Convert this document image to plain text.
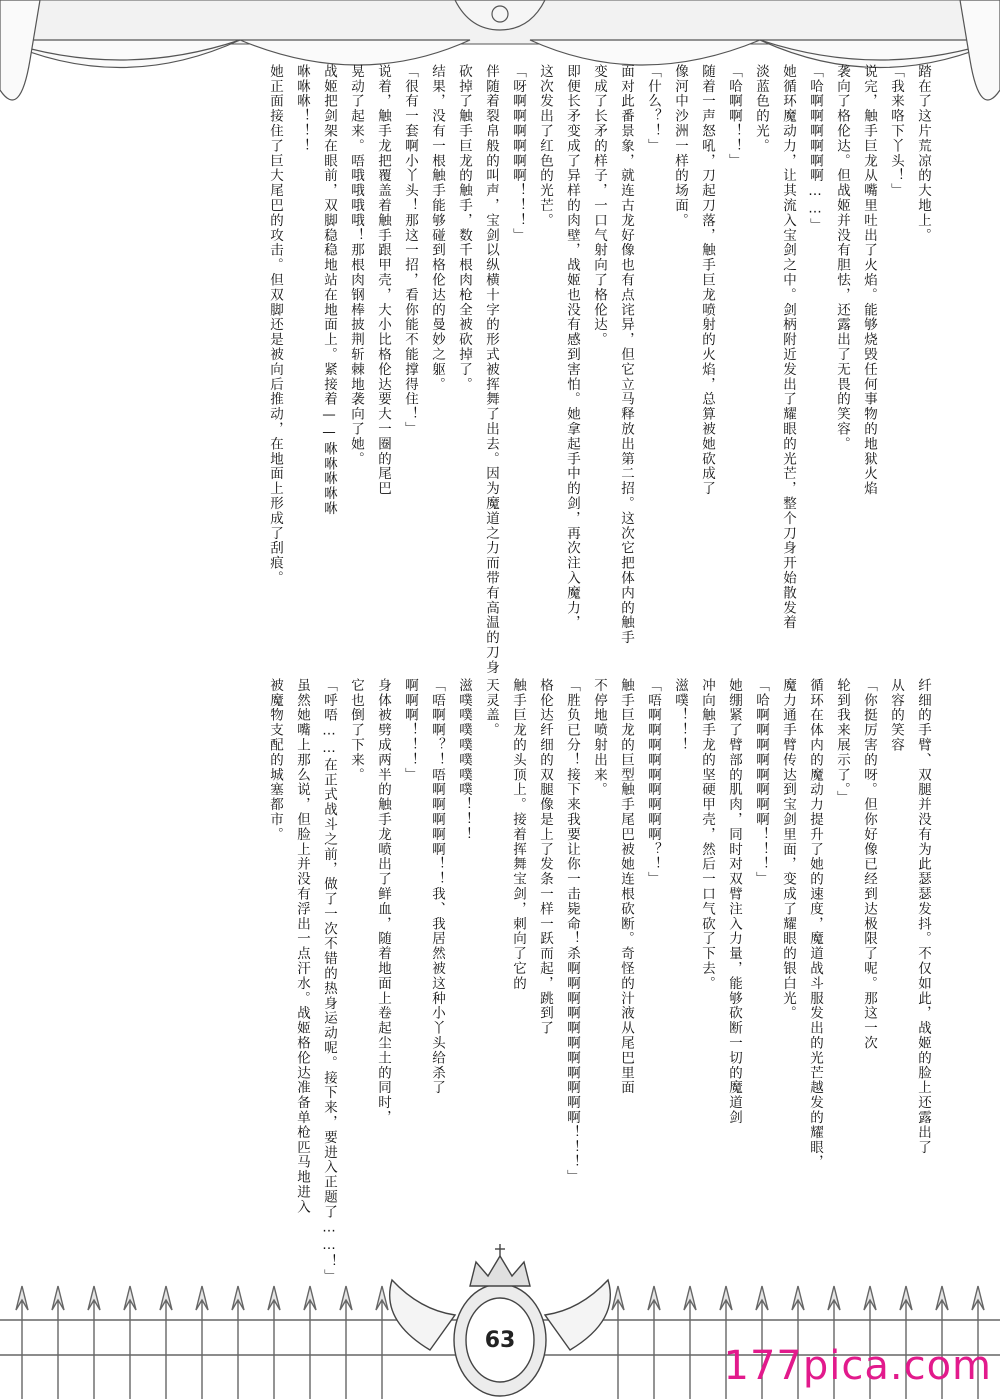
踏在了这片荒凉的大地上。

「我来咯下丫头！」

说完，触手巨龙从嘴里吐出了火焰。能够烧毁任何事物的地狱火焰

袭向了格伦达。但战姬并没有胆怯，还露出了无畏的笑容。

「哈啊啊啊啊啊啊……」

她循环魔动力，让其流入宝剑之中。剑柄附近发出了耀眼的光芒，整个刀身开始散发着

淡蓝色的光。

「哈啊啊！！」

随着一声怒吼，刀起刀落，触手巨龙喷射的火焰，总算被她砍成了

像河中沙洲一样的场面。

「什么？！」

面对此番景象，就连古龙好像也有点诧异，但它立马释放出第二招。这次它把体内的触手

变成了长矛的样子，一口气射向了格伦达。

即便长矛变成了异样的肉壁，战姬也没有感到害怕。她拿起手中的剑，再次注入魔力，

这次发出了红色的光芒。

「呀啊啊啊啊啊啊！！！」

伴随着裂帛般的叫声，宝剑以纵横十字的形式被挥舞了出去。因为魔道之力而带有高温的刀身

砍掉了触手巨龙的触手，数千根肉枪全被砍掉了。

结果，没有一根触手能够碰到格伦达的曼妙之躯。

「很有一套啊小丫头！那这一招，看你能不能撑得住！」

说着，触手龙把覆盖着触手跟甲壳，大小比格伦达要大一圈的尾巴

晃动了起来。唔哦哦哦哦！那根肉钢棒披荆斩棘地袭向了她。

战姬把剑架在眼前，双脚稳稳地站在地面上。紧接着——咻咻咻咻咻

咻咻咻！！！

她正面接住了巨大尾巴的攻击。但双脚还是被向后推动，在地面上形成了刮痕。

纤细的手臂、双腿并没有为此瑟瑟发抖。不仅如此，战姬的脸上还露出了

从容的笑容

「你挺厉害的呀。但你好像已经到达极限了呢。那这一次

轮到我来展示了。」

循环在体内的魔动力提升了她的速度，魔道战斗服发出的光芒越发的耀眼，

魔力通手臂传达到宝剑里面，变成了耀眼的银白光。

「哈啊啊啊啊啊啊啊啊！！！」

她绷紧了臂部的肌肉，同时对双臂注入力量，能够砍断一切的魔道剑

冲向触手龙的坚硬甲壳，然后一口气砍了下去。

滋噗！！！

「唔啊啊啊啊啊啊啊啊啊？！」

触手巨龙的巨型触手尾巴被她连根砍断。奇怪的汁液从尾巴里面

不停地喷射出来。

「胜负已分！接下来我要让你一击毙命！杀啊啊啊啊啊啊啊啊啊啊啊！！！」

格伦达纤细的双腿像是上了发条一样一跃而起，跳到了

触手巨龙的头顶上。接着挥舞宝剑，刺向了它的

天灵盖。

滋噗噗噗噗噗噗噗！！！

「唔啊啊？！唔啊啊啊啊啊！！我、我居然被这种小丫头给杀了

啊啊啊！！！」

身体被劈成两半的触手龙喷出了鲜血，随着地面上卷起尘土的同时，

它也倒了下来。

「呼唔……在正式战斗之前，做了一次不错的热身运动呢。接下来，要进入正题了……！」

虽然她嘴上那么说，但脸上并没有浮出一点汗水。战姬格伦达准备单枪匹马地进入

被魔物支配的城塞都市。

63
177pica.com
